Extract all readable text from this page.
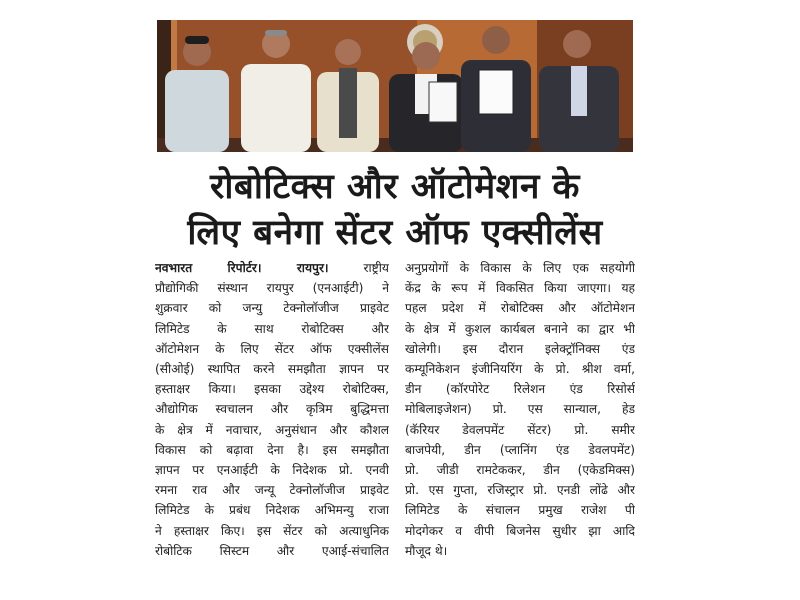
रोबोटिक्स और ऑटोमेशन के
लिए बनेगा सेंटर ऑफ एक्सीलेंस
नवभारत रिपोर्टर। रायपुर। राष्ट्रीय
प्रौद्योगिकी संस्थान रायपुर (एनआईटी) ने
शुक्रवार को जन्यु टेक्नोलॉजीज प्राइवेट
लिमिटेड के साथ रोबोटिक्स और
ऑटोमेशन के लिए सेंटर ऑफ एक्सीलेंस
(सीओई) स्थापित करने समझौता ज्ञापन पर
हस्ताक्षर किया। इसका उद्देश्य रोबोटिक्स,
औद्योगिक स्वचालन और कृत्रिम बुद्धिमत्ता
के क्षेत्र में नवाचार, अनुसंधान और कौशल
विकास को बढ़ावा देना है। इस समझौता
ज्ञापन पर एनआईटी के निदेशक प्रो. एनवी
रमना राव और जन्यू टेक्नोलॉजीज प्राइवेट
लिमिटेड के प्रबंध निदेशक अभिमन्यु राजा
ने हस्ताक्षर किए। इस सेंटर को अत्याधुनिक
रोबोटिक सिस्टम और एआई-संचालित
अनुप्रयोगों के विकास के लिए एक सहयोगी
केंद्र के रूप में विकसित किया जाएगा। यह
पहल प्रदेश में रोबोटिक्स और ऑटोमेशन
के क्षेत्र में कुशल कार्यबल बनाने का द्वार भी
खोलेगी। इस दौरान इलेक्ट्रॉनिक्स एंड
कम्यूनिकेशन इंजीनियरिंग के प्रो. श्रीश वर्मा,
डीन (कॉरपोरेट रिलेशन एंड रिसोर्स
मोबिलाइजेशन) प्रो. एस सान्याल, हेड
(कॅरियर डेवलपमेंट सेंटर) प्रो. समीर
बाजपेयी, डीन (प्लानिंग एंड डेवलपमेंट)
प्रो. जीडी रामटेककर, डीन (एकेडमिक्स)
प्रो. एस गुप्ता, रजिस्ट्रार प्रो. एनडी लोंढे और
लिमिटेड के संचालन प्रमुख राजेश पी
मोदगेकर व वीपी बिजनेस सुधीर झा आदि
मौजूद थे।
